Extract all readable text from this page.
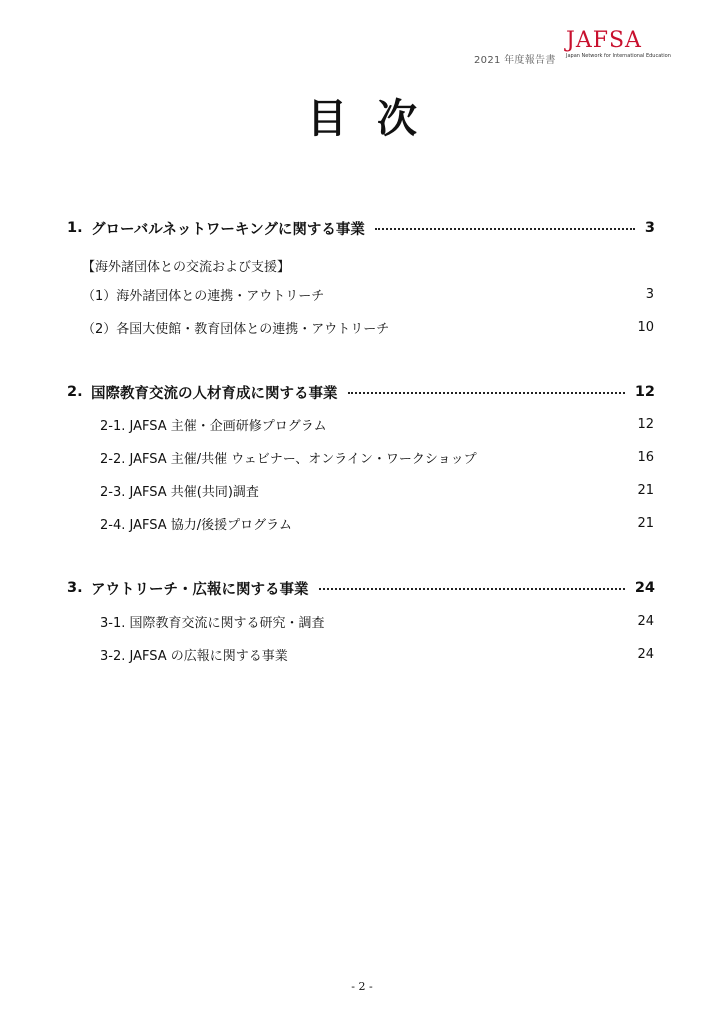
2021 年度報告書
JAFSA
Japan Network for International Education
目次
1. グローバルネットワーキングに関する事業	3
【海外諸団体との交流および支援】
（1）海外諸団体との連携・アウトリーチ	3
（2）各国大使館・教育団体との連携・アウトリーチ	10
2. 国際教育交流の人材育成に関する事業	12
2-1. JAFSA 主催・企画研修プログラム	12
2-2. JAFSA 主催/共催 ウェビナー、オンライン・ワークショップ	16
2-3. JAFSA 共催(共同)調査	21
2-4. JAFSA 協力/後援プログラム	21
3. アウトリーチ・広報に関する事業	24
3-1. 国際教育交流に関する研究・調査	24
3-2. JAFSA の広報に関する事業	24
- 2 -
